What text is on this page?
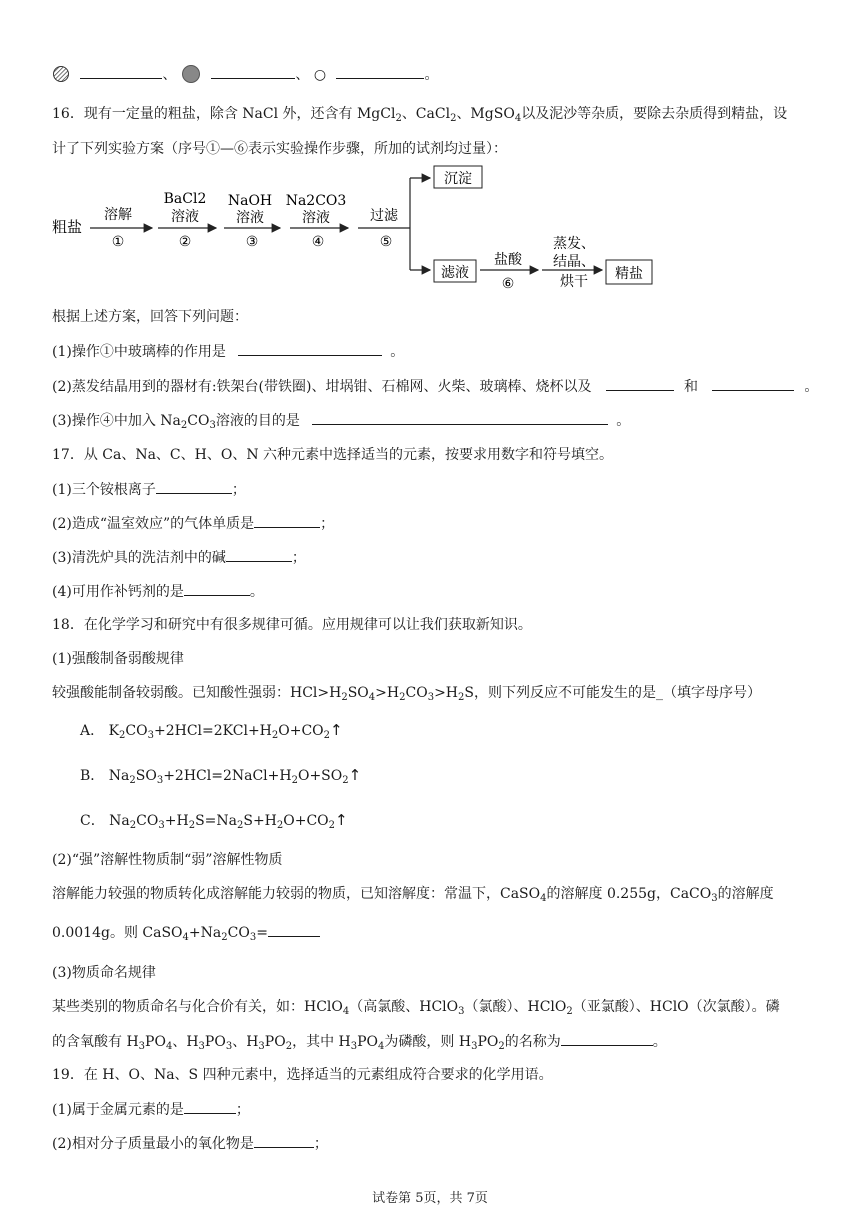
、	、 ○	。
16．现有一定量的粗盐，除含 NaCl 外，还含有 MgCl$_2$、CaCl$_2$、MgSO$_4$以及泥沙等杂质，要除去杂质得到精盐，设
计了下列实验方案（序号①—⑥表示实验操作步骤，所加的试剂均过量）：
粗盐
溶解
①
BaCl2
溶液
②
NaOH
溶液
③
Na2CO3
溶液
④
过滤
⑤
沉淀
滤液
盐酸
⑥
蒸发、
结晶、
烘干 精盐
根据上述方案，回答下列问题：
(1)操作①中玻璃棒的作用是	。
(2)蒸发结晶用到的器材有:铁架台(带铁圈)、坩埚钳、石棉网、火柴、玻璃棒、烧杯以及	和	。
(3)操作④中加入 $Na_2CO_3$溶液的目的是	。
17．从 Ca、Na、C、H、O、N 六种元素中选择适当的元素，按要求用数字和符号填空。
(1)三个铵根离子	；
(2)造成“温室效应”的气体单质是	；
(3)清洗炉具的洗洁剂中的碱	；
(4)可用作补钙剂的是	。
18．在化学学习和研究中有很多规律可循。应用规律可以让我们获取新知识。
(1)强酸制备弱酸规律
较强酸能制备较弱酸。已知酸性强弱：$HCl>H_2SO_4>H_2CO_3>H_2S$，则下列反应不可能发生的是_（填字母序号）
A． $K_2CO_3+2HCl=2KCl+H_2O+CO_2↑$
B． $Na_2SO_3+2HCl=2NaCl+H_2O+SO_2↑$
C． $Na_2CO_3+H_2S=Na_2S+H_2O+CO_2↑$
(2)“强”溶解性物质制“弱”溶解性物质
溶解能力较强的物质转化成溶解能力较弱的物质，已知溶解度：常温下，CaSO$_4$的溶解度 0.255g，CaCO$_3$的溶解度
0.0014g。则 $CaSO_4+Na_2CO_3=$
(3)物质命名规律
某些类别的物质命名与化合价有关，如：HClO$_4$（高氯酸、HClO$_3$（氯酸）、HClO$_2$（亚氯酸）、HClO（次氯酸）。磷
的含氧酸有 $H_3PO_4$、$H_3PO_3$、$H_3PO_2$，其中 $H_3PO_4$为磷酸，则 $H_3PO_2$的名称为	。
19．在 H、O、Na、S 四种元素中，选择适当的元素组成符合要求的化学用语。
(1)属于金属元素的是	；
(2)相对分子质量最小的氧化物是	；
试卷第 5页，共 7页
